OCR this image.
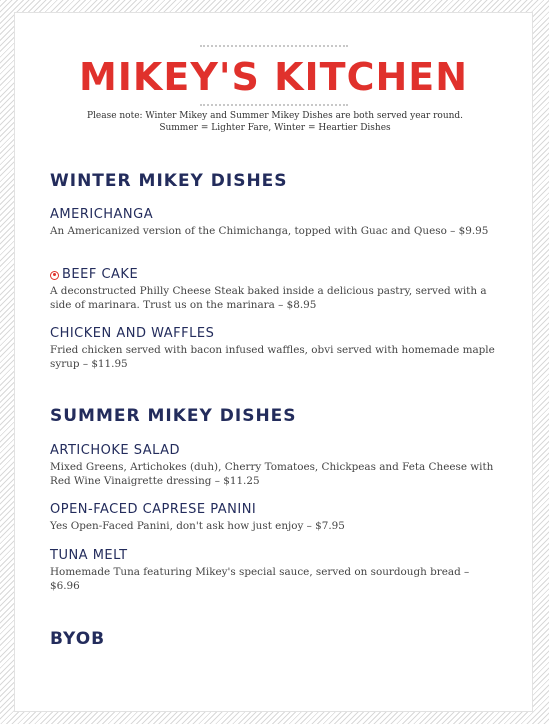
MIKEY'S KITCHEN
Please note: Winter Mikey and Summer Mikey Dishes are both served year round. Summer = Lighter Fare, Winter = Heartier Dishes
WINTER MIKEY DISHES
AMERICHANGA
An Americanized version of the Chimichanga, topped with Guac and Queso – $9.95
BEEF CAKE
A deconstructed Philly Cheese Steak baked inside a delicious pastry, served with a side of marinara. Trust us on the marinara – $8.95
CHICKEN AND WAFFLES
Fried chicken served with bacon infused waffles, obvi served with homemade maple syrup – $11.95
SUMMER MIKEY DISHES
ARTICHOKE SALAD
Mixed Greens, Artichokes (duh), Cherry Tomatoes, Chickpeas and Feta Cheese with Red Wine Vinaigrette dressing – $11.25
OPEN-FACED CAPRESE PANINI
Yes Open-Faced Panini, don't ask how just enjoy – $7.95
TUNA MELT
Homemade Tuna featuring Mikey's special sauce, served on sourdough bread – $6.96
BYOB
